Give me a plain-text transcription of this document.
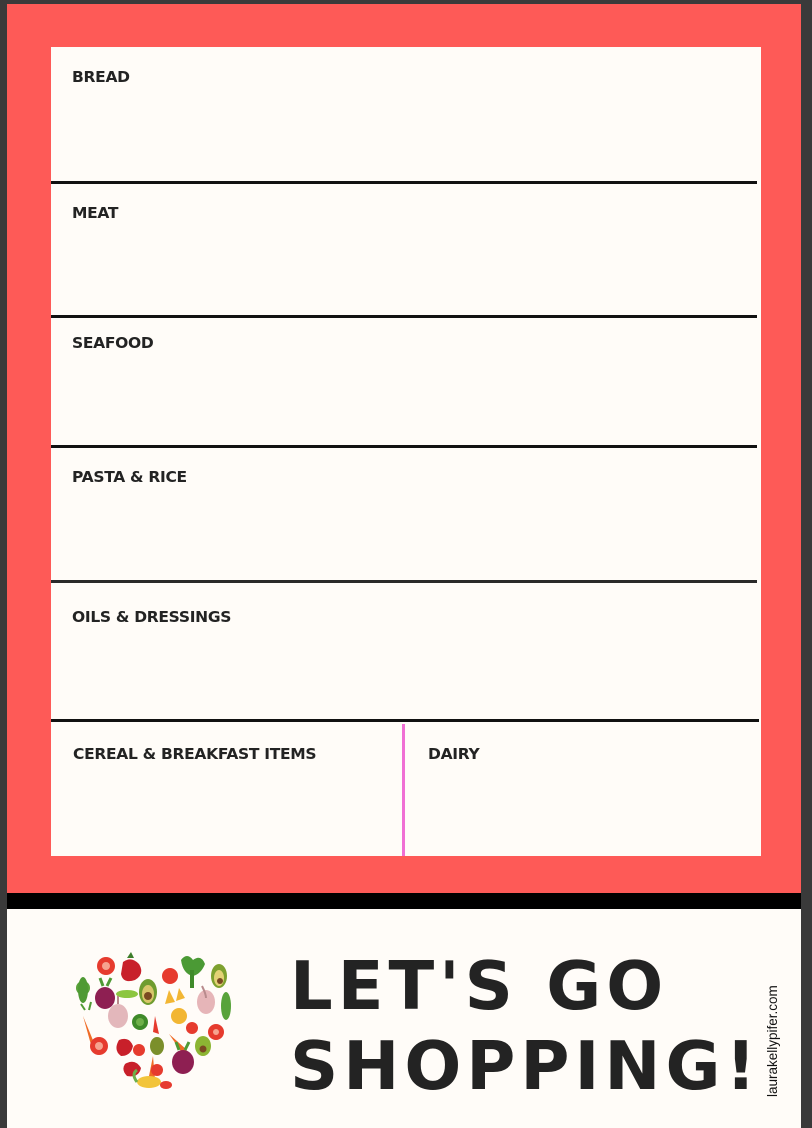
BREAD
MEAT
SEAFOOD
PASTA & RICE
OILS & DRESSINGS
CEREAL & BREAKFAST ITEMS	DAIRY
LET'S GO
SHOPPING! laurakellypifer.com
